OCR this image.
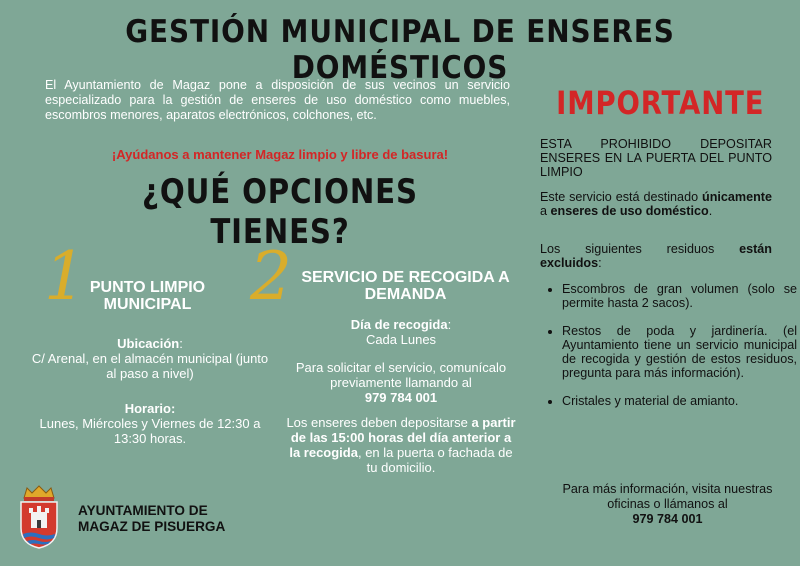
GESTIÓN MUNICIPAL DE ENSERES DOMÉSTICOS
El Ayuntamiento de Magaz pone a disposición de sus vecinos un servicio especializado para la gestión de enseres de uso doméstico como muebles, escombros menores, aparatos electrónicos, colchones, etc.
¡Ayúdanos a mantener Magaz limpio y libre de basura!
¿QUÉ OPCIONES TIENES?
1 PUNTO LIMPIO MUNICIPAL
Ubicación:
C/ Arenal, en el almacén municipal (junto al paso a nivel)
Horario:
Lunes, Miércoles y Viernes de 12:30 a 13:30 horas.
2 SERVICIO DE RECOGIDA A DEMANDA
Día de recogida:
Cada Lunes
Para solicitar el servicio, comunícalo previamente llamando al
979 784 001
Los enseres deben depositarse a partir de las 15:00 horas del día anterior a la recogida, en la puerta o fachada de tu domicilio.
IMPORTANTE
ESTA PROHIBIDO DEPOSITAR ENSERES EN LA PUERTA DEL PUNTO LIMPIO
Este servicio está destinado únicamente a enseres de uso doméstico.
Los siguientes residuos están excluidos:
• Escombros de gran volumen (solo se permite hasta 2 sacos).
• Restos de poda y jardinería. (el Ayuntamiento tiene un servicio municipal de recogida y gestión de estos residuos, pregunta para más información).
• Cristales y material de amianto.
Para más información, visita nuestras oficinas o llámanos al
979 784 001
AYUNTAMIENTO DE
MAGAZ DE PISUERGA
